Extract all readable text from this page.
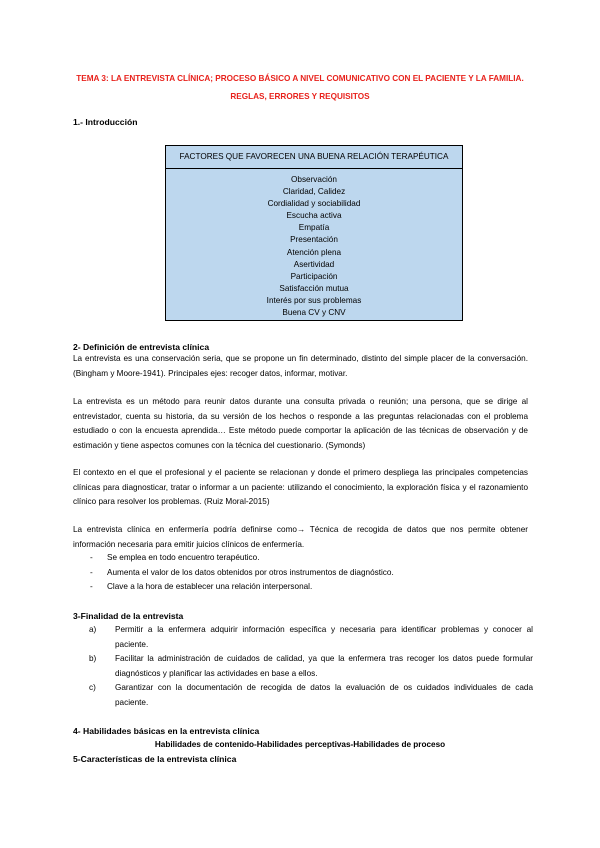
TEMA 3: LA ENTREVISTA CLÍNICA; PROCESO BÁSICO A NIVEL COMUNICATIVO CON EL PACIENTE Y LA FAMILIA.
REGLAS, ERRORES Y REQUISITOS
1.- Introducción
FACTORES QUE FAVORECEN UNA BUENA RELACIÓN TERAPÉUTICA
Observación
Claridad, Calidez
Cordialidad y sociabilidad
Escucha activa
Empatía
Presentación
Atención plena
Asertividad
Participación
Satisfacción mutua
Interés por sus problemas
Buena CV y CNV
2- Definición de entrevista clínica
La entrevista es una conservación seria, que se propone un fin determinado, distinto del simple placer de la conversación. (Bingham y Moore-1941). Principales ejes: recoger datos, informar, motivar.
La entrevista es un método para reunir datos durante una consulta privada o reunión; una persona, que se dirige al entrevistador, cuenta su historia, da su versión de los hechos o responde a las preguntas relacionadas con el problema estudiado o con la encuesta aprendida… Este método puede comportar la aplicación de las técnicas de observación y de estimación y tiene aspectos comunes con la técnica del cuestionario. (Symonds)
El contexto en el que el profesional y el paciente se relacionan y donde el primero despliega las principales competencias clínicas para diagnosticar, tratar o informar a un paciente: utilizando el conocimiento, la exploración física y el razonamiento clínico para resolver los problemas. (Ruiz Moral-2015)
La entrevista clínica en enfermería podría definirse como→ Técnica de recogida de datos que nos permite obtener información necesaria para emitir juicios clínicos de enfermería.
- Se emplea en todo encuentro terapéutico.
- Aumenta el valor de los datos obtenidos por otros instrumentos de diagnóstico.
- Clave a la hora de establecer una relación interpersonal.
3-Finalidad de la entrevista
a) Permitir a la enfermera adquirir información específica y necesaria para identificar problemas y conocer al paciente.
b) Facilitar la administración de cuidados de calidad, ya que la enfermera tras recoger los datos puede formular diagnósticos y planificar las actividades en base a ellos.
c) Garantizar con la documentación de recogida de datos la evaluación de os cuidados individuales de cada paciente.
4- Habilidades básicas en la entrevista clínica
Habilidades de contenido-Habilidades perceptivas-Habilidades de proceso
5-Características de la entrevista clínica
